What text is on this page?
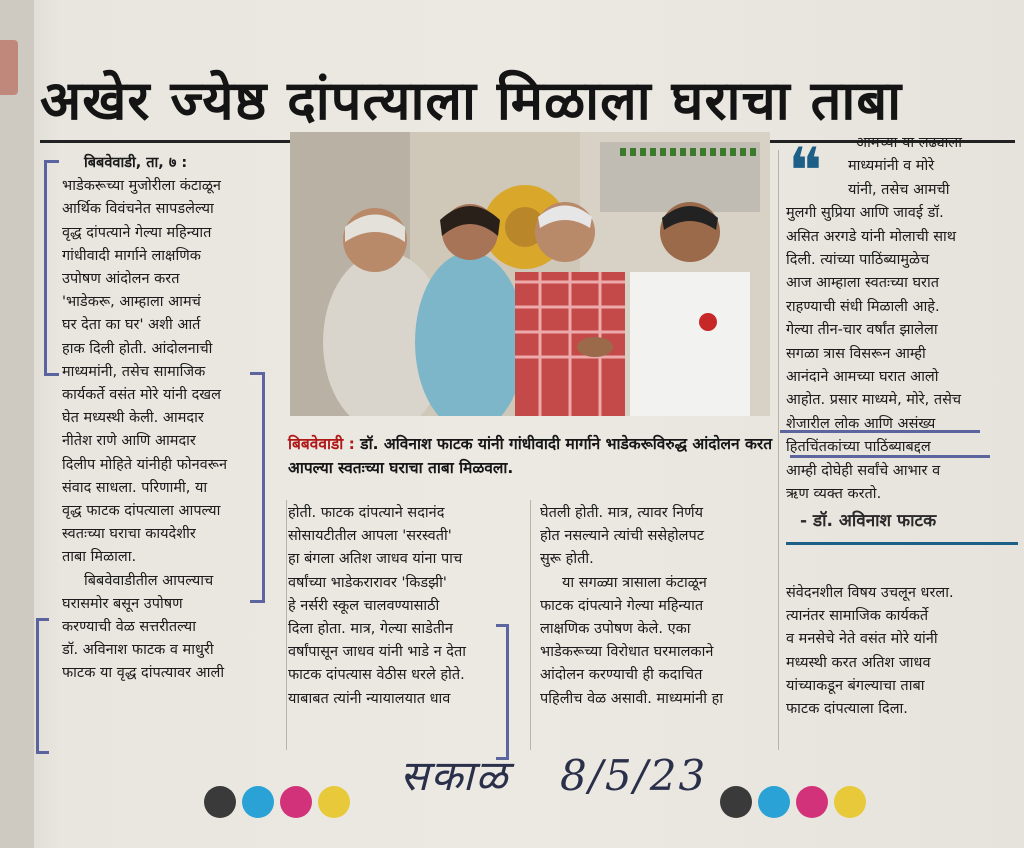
अखेर ज्येष्ठ दांपत्याला मिळाला घराचा ताबा

बिबवेवाडी, ता, ७ :

भाडेकरूच्या मुजोरीला कंटाळून

आर्थिक विवंचनेत सापडलेल्या

वृद्ध दांपत्याने गेल्या महिन्यात

गांधीवादी मार्गाने लाक्षणिक

उपोषण आंदोलन करत

'भाडेकरू, आम्हाला आमचं

घर देता का घर' अशी आर्त

हाक दिली होती. आंदोलनाची

माध्यमांनी, तसेच सामाजिक

कार्यकर्ते वसंत मोरे यांनी दखल

घेत मध्यस्थी केली. आमदार

नीतेश राणे आणि आमदार

दिलीप मोहिते यांनीही फोनवरून

संवाद साधला. परिणामी, या

वृद्ध फाटक दांपत्याला आपल्या

स्वतःच्या घराचा कायदेशीर

ताबा मिळाला.

बिबवेवाडीतील आपल्याच

घरासमोर बसून उपोषण

करण्याची वेळ सत्तरीतल्या

डॉ. अविनाश फाटक व माधुरी

फाटक या वृद्ध दांपत्यावर आली

बिबवेवाडी : डॉ. अविनाश फाटक यांनी गांधीवादी मार्गाने भाडेकरूविरुद्ध आंदोलन करत आपल्या स्वतःच्या घराचा ताबा मिळवला.

होती. फाटक दांपत्याने सदानंद

सोसायटीतील आपला 'सरस्वती'

हा बंगला अतिश जाधव यांना पाच

वर्षांच्या भाडेकरारावर 'किडझी'

हे नर्सरी स्कूल चालवण्यासाठी

दिला होता. मात्र, गेल्या साडेतीन

वर्षांपासून जाधव यांनी भाडे न देता

फाटक दांपत्यास वेठीस धरले होते.

याबाबत त्यांनी न्यायालयात धाव

घेतली होती. मात्र, त्यावर निर्णय

होत नसल्याने त्यांची ससेहोलपट

सुरू होती.

या सगळ्या त्रासाला कंटाळून

फाटक दांपत्याने गेल्या महिन्यात

लाक्षणिक उपोषण केले. एका

भाडेकरूच्या विरोधात घरमालकाने

आंदोलन करण्याची ही कदाचित

पहिलीच वेळ असावी. माध्यमांनी हा

❝	आमच्या या लढ्याला
माध्यमांनी व मोरे
यांनी, तसेच आमची
मुलगी सुप्रिया आणि जावई डॉ.
असित अरगडे यांनी मोलाची साथ
दिली. त्यांच्या पाठिंब्यामुळेच
आज आम्हाला स्वतःच्या घरात
राहण्याची संधी मिळाली आहे.
गेल्या तीन-चार वर्षांत झालेला
सगळा त्रास विसरून आम्ही
आनंदाने आमच्या घरात आलो
आहोत. प्रसार माध्यमे, मोरे, तसेच
शेजारील लोक आणि असंख्य
हितचिंतकांच्या पाठिंब्याबद्दल
आम्ही दोघेही सर्वांचे आभार व
ऋण व्यक्त करतो.
- डॉ. अविनाश फाटक

संवेदनशील विषय उचलून धरला.

त्यानंतर सामाजिक कार्यकर्ते

व मनसेचे नेते वसंत मोरे यांनी

मध्यस्थी करत अतिश जाधव

यांच्याकडून बंगल्याचा ताबा

फाटक दांपत्याला दिला.

सकाळ 8/5/23
